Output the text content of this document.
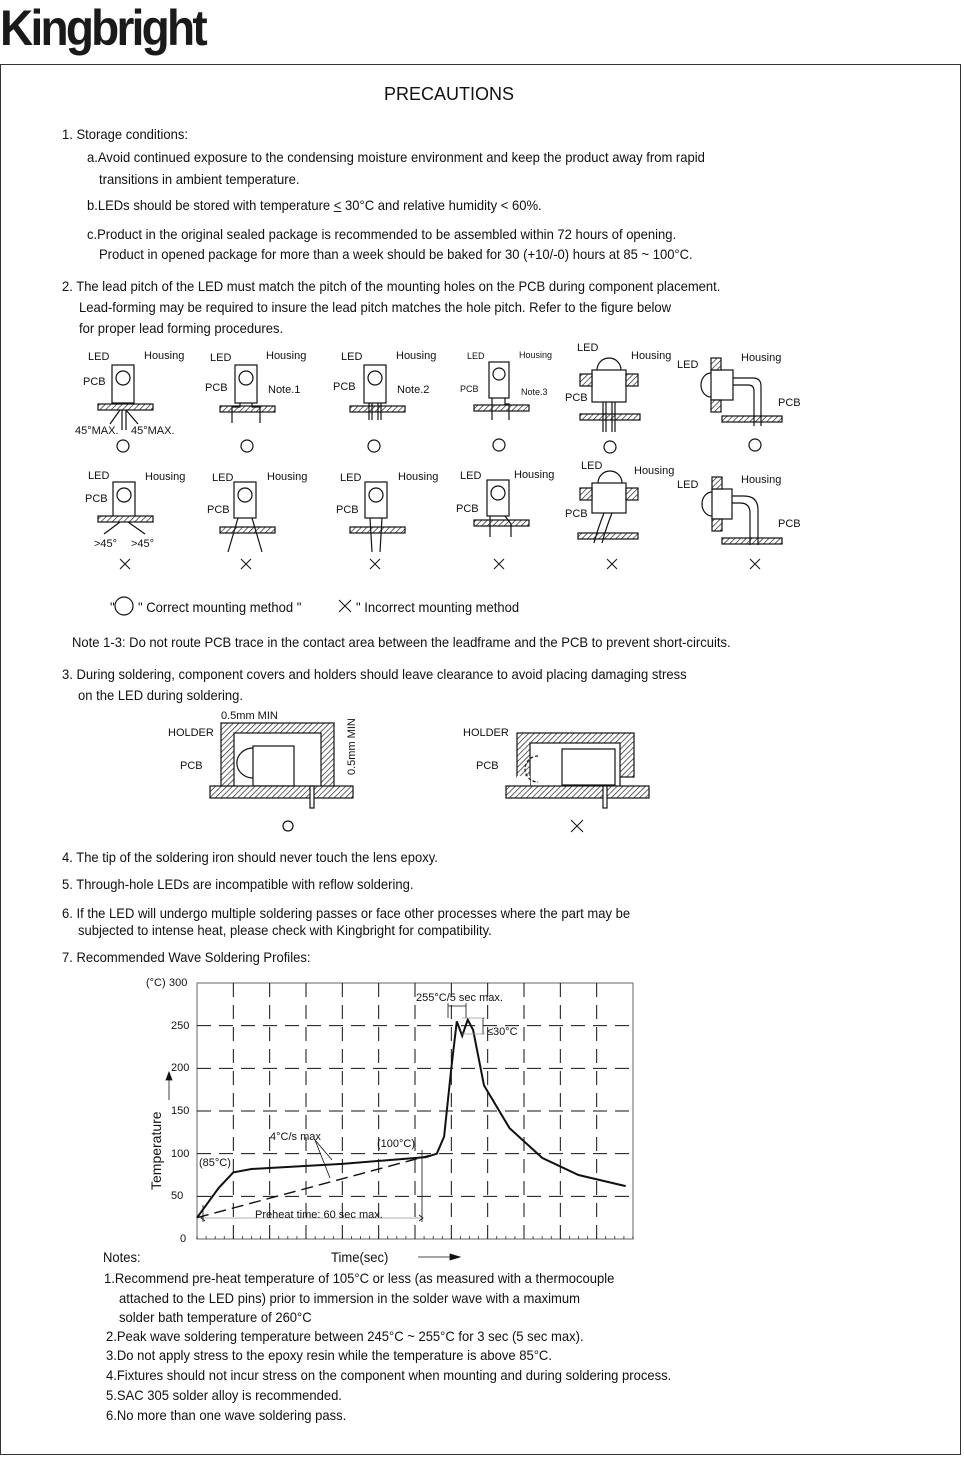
Kingbright
PRECAUTIONS
1. Storage conditions:
a.Avoid continued exposure to the condensing moisture environment and keep the product away from rapid
transitions in ambient temperature.
b.LEDs should be stored with temperature < 30°C and relative humidity < 60%.
c.Product in the original sealed package is recommended to be assembled within 72 hours of opening.
Product in opened package for more than a week should be baked for 30 (+10/-0) hours at 85 ~ 100°C.
2. The lead pitch of the LED must match the pitch of the mounting holes on the PCB during component placement.
Lead-forming may be required to insure the lead pitch matches the hole pitch. Refer to the figure below
for proper lead forming procedures.
LED	Housing
PCB
45°MAX. 45°MAX.
LED	Housing
PCB	Note.1
LED	Housing
PCB	Note.2
LED	Housing
PCB	Note.3
LED
Housing
PCB
LED
Housing
PCB
LED	Housing
PCB
>45° >45°
LED	Housing
PCB
LED	Housing
PCB
LED	Housing
PCB
LED	Housing
PCB
LED	Housing
PCB
" " Correct mounting method "	" Incorrect mounting method
Note 1-3: Do not route PCB trace in the contact area between the leadframe and the PCB to prevent short-circuits.
3. During soldering, component covers and holders should leave clearance to avoid placing damaging stress
on the LED during soldering.
0.5mm MIN
0.5mm MIN
HOLDER
PCB
HOLDER
PCB
4. The tip of the soldering iron should never touch the lens epoxy.
5. Through-hole LEDs are incompatible with reflow soldering.
6. If the LED will undergo multiple soldering passes or face other processes where the part may be
subjected to intense heat, please check with Kingbright for compatibility.
7. Recommended Wave Soldering Profiles:
0
50
100
150
200
250
300
(°C)
Temperature
Time(sec)
255°C/5 sec max.
≤30°C
4°C/s max
(100°C)
(85°C)
Preheat time: 60 sec max.
Notes:
1.Recommend pre-heat temperature of 105°C or less (as measured with a thermocouple
attached to the LED pins) prior to immersion in the solder wave with a maximum
solder bath temperature of 260°C
2.Peak wave soldering temperature between 245°C ~ 255°C for 3 sec (5 sec max).
3.Do not apply stress to the epoxy resin while the temperature is above 85°C.
4.Fixtures should not incur stress on the component when mounting and during soldering process.
5.SAC 305 solder alloy is recommended.
6.No more than one wave soldering pass.
